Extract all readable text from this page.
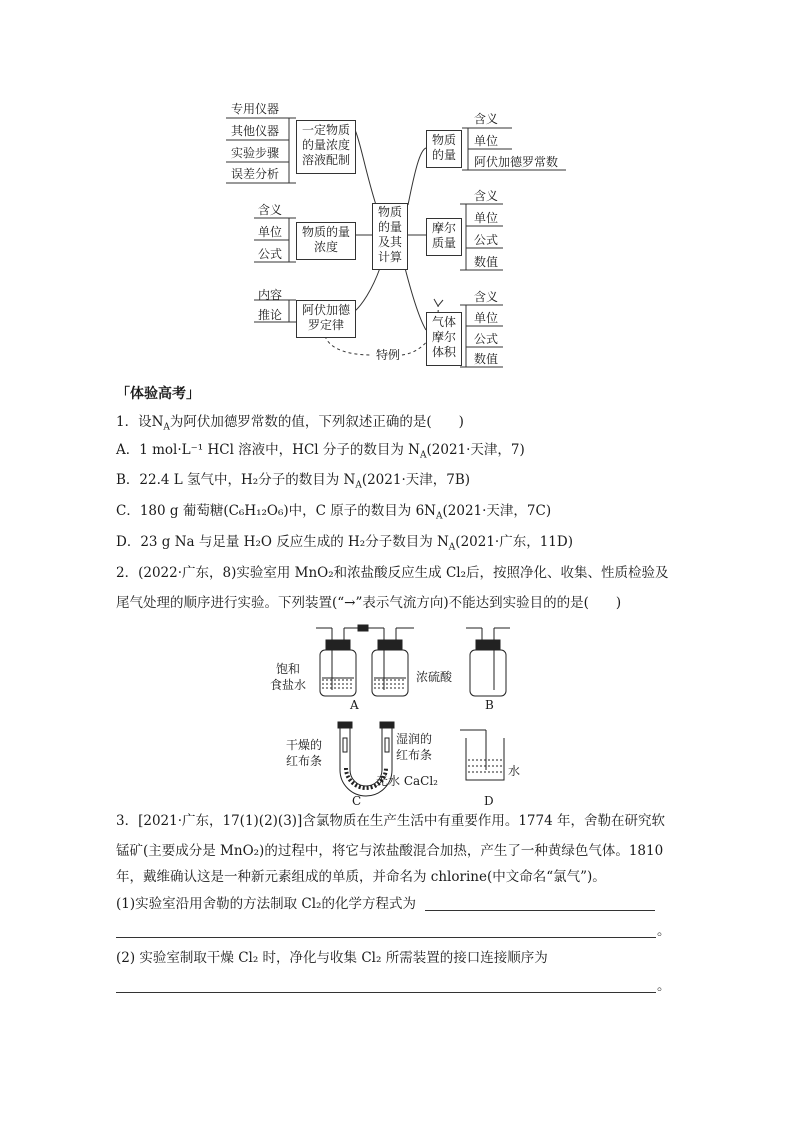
专用仪器
其他仪器
实验步骤
误差分析
一定物质
的量浓度
溶液配制
含义
单位
公式
物质的量
浓度
内容
推论	阿伏加德
罗定律
特例
物质
的量
及其
计算
物质
的量
含义
单位
阿伏加德罗常数
摩尔
质量
含义
单位
公式
数值
气体
摩尔
体积
含义
单位
公式
数值
「体验高考」
1．设$N_A$为阿伏加德罗常数的值，下列叙述正确的是(　　)
A．1 mol·L⁻¹ HCl 溶液中，HCl 分子的数目为 $N_A(2021\cdot$天津，7)
B．22.4 L 氢气中，H₂分子的数目为 $N_A(2021\cdot$天津，7B)
C．180 g 葡萄糖(C₆H₁₂O₆)中，C 原子的数目为 $6N_A(2021\cdot$天津，7C)
D．23 g Na 与足量 H₂O 反应生成的 H₂分子数目为 $N_A(2021\cdot$广东，11D)
2．(2022·广东，8)实验室用 MnO₂和浓盐酸反应生成 Cl₂后，按照净化、收集、性质检验及
尾气处理的顺序进行实验。下列装置(“→”表示气流方向)不能达到实验目的的是(　　)
饱和
食盐水
浓硫酸
A	B
干燥的
红布条
湿润的
红布条
无水 CaCl₂
C
水
D
3．[2021·广东，17(1)(2)(3)]含氯物质在生产生活中有重要作用。1774 年，舍勒在研究软
锰矿(主要成分是 MnO₂)的过程中，将它与浓盐酸混合加热，产生了一种黄绿色气体。1810
年，戴维确认这是一种新元素组成的单质，并命名为 chlorine(中文命名“氯气”)。
(1)实验室沿用舍勒的方法制取 Cl₂的化学方程式为
。
(2) 实验室制取干燥 Cl₂ 时，净化与收集 Cl₂ 所需装置的接口连接顺序为
。
